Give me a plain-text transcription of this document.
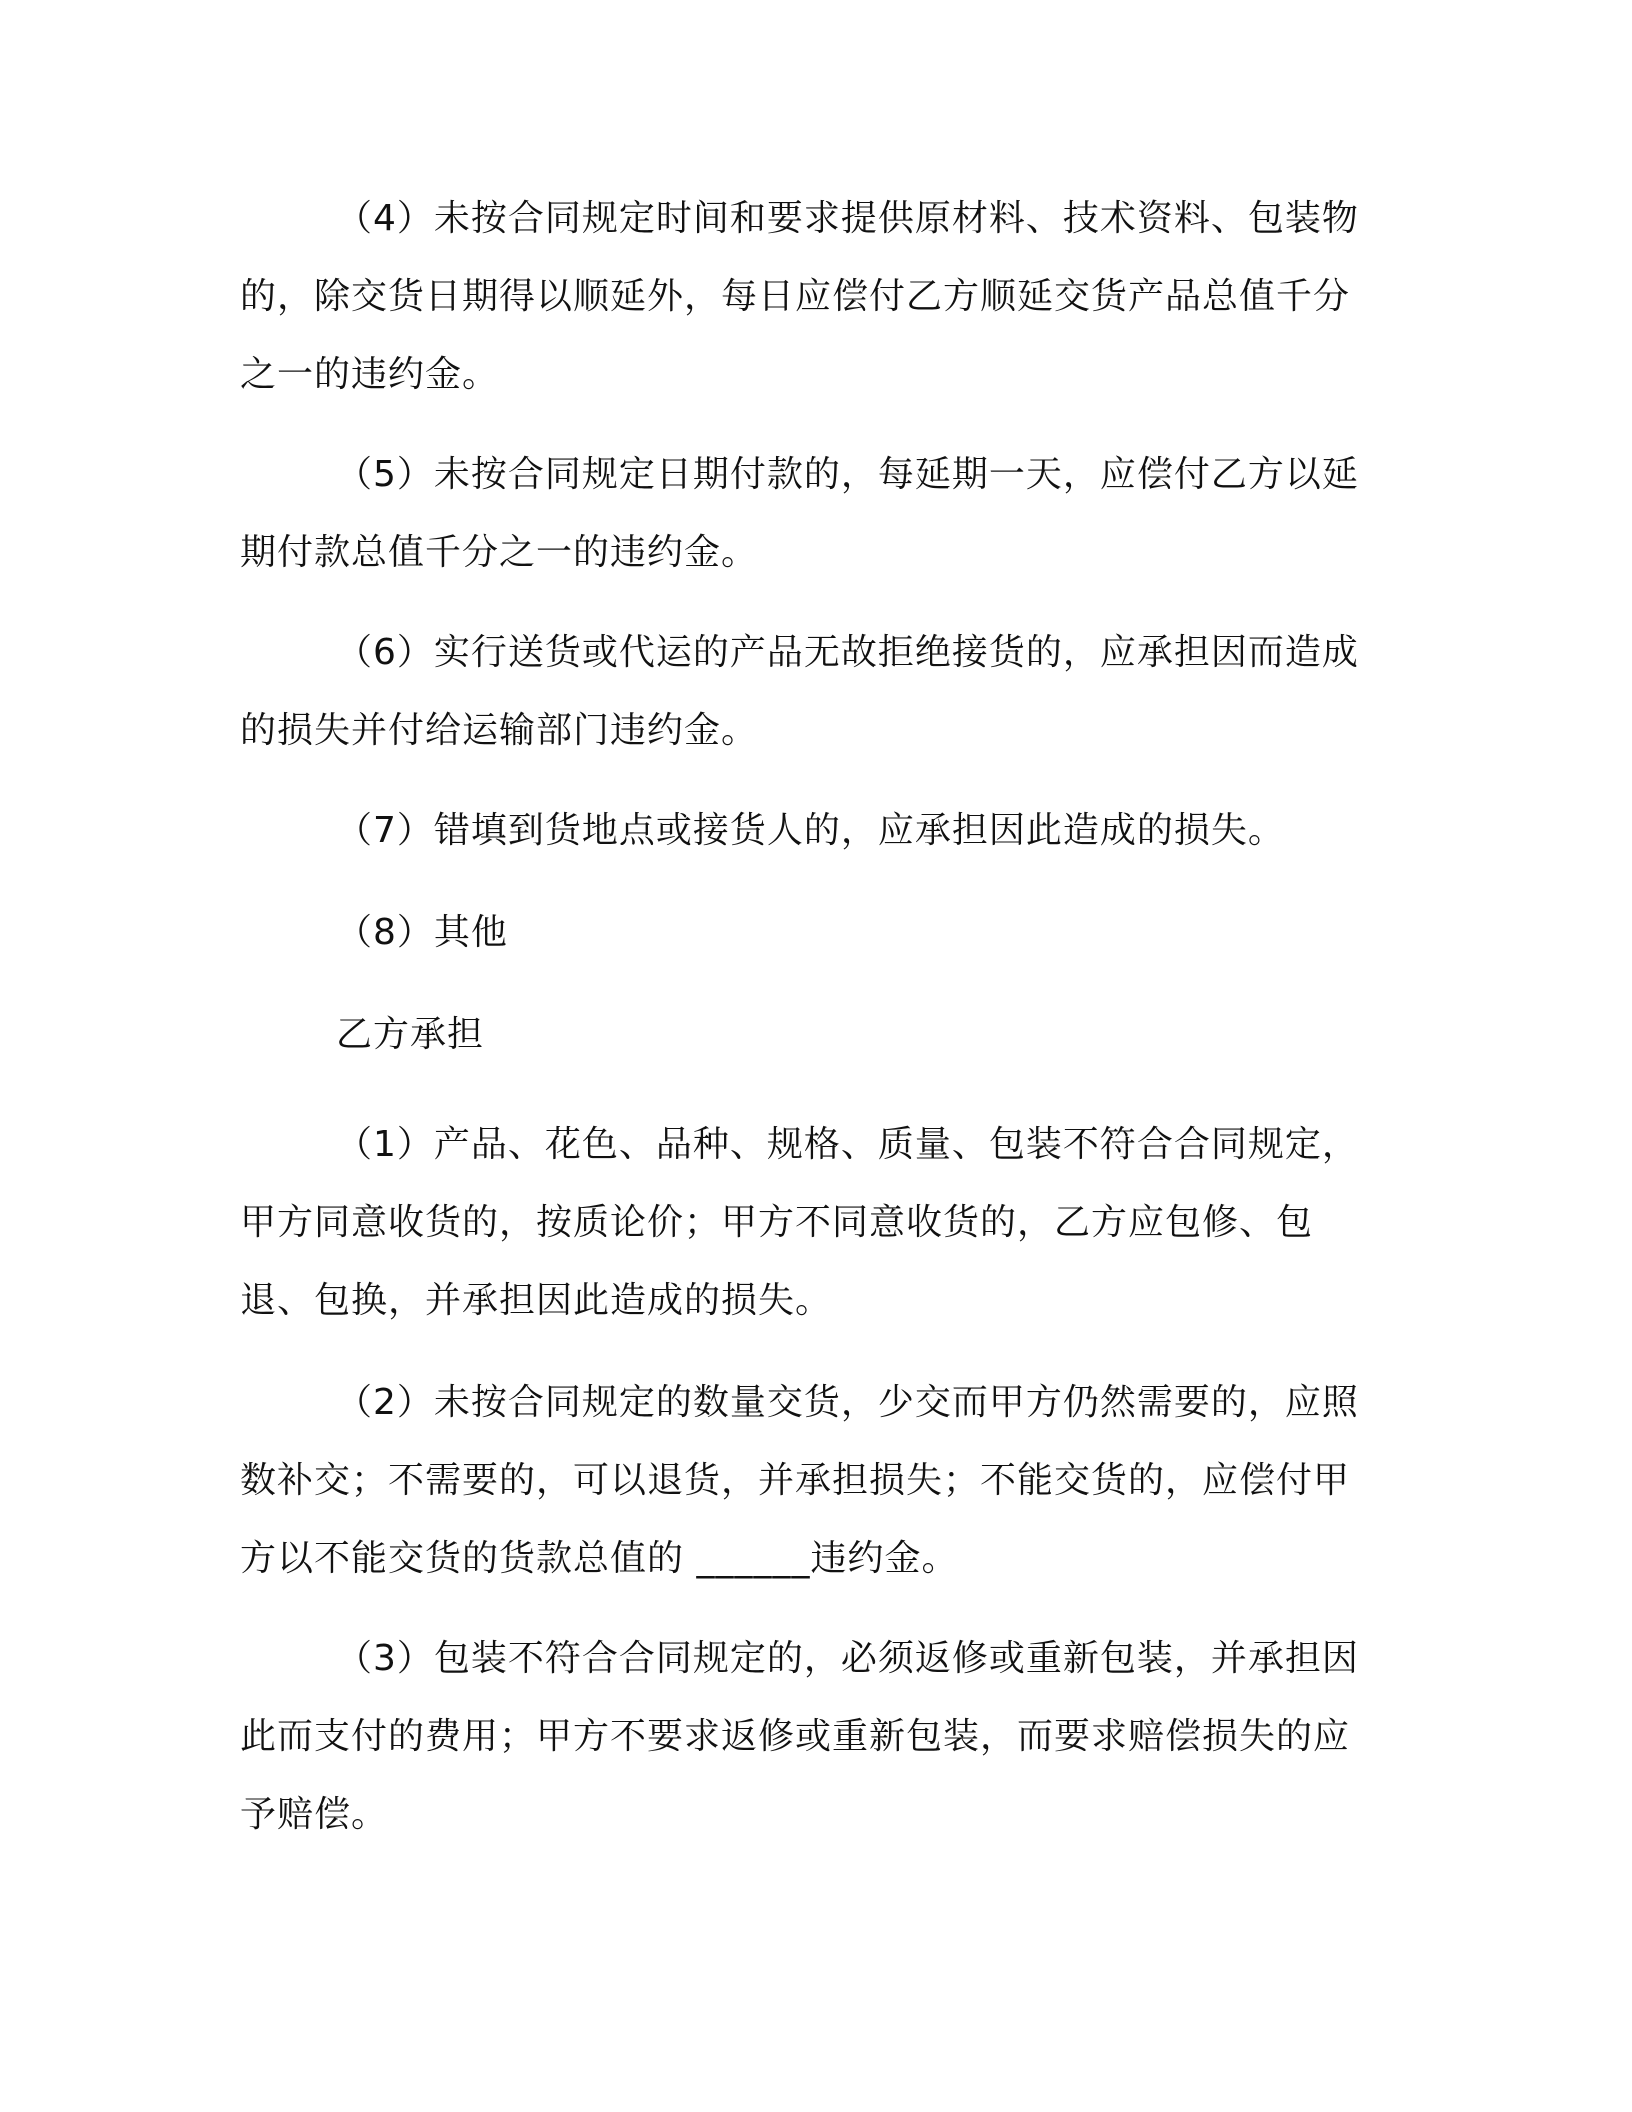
（4）未按合同规定时间和要求提供原材料、技术资料、包装物的，除交货日期得以顺延外，每日应偿付乙方顺延交货产品总值千分之一的违约金。

（5）未按合同规定日期付款的，每延期一天，应偿付乙方以延期付款总值千分之一的违约金。

（6）实行送货或代运的产品无故拒绝接货的，应承担因而造成的损失并付给运输部门违约金。

（7）错填到货地点或接货人的，应承担因此造成的损失。

（8）其他

乙方承担

（1）产品、花色、品种、规格、质量、包装不符合合同规定，甲方同意收货的，按质论价；甲方不同意收货的，乙方应包修、包退、包换，并承担因此造成的损失。

（2）未按合同规定的数量交货，少交而甲方仍然需要的，应照数补交；不需要的，可以退货，并承担损失；不能交货的，应偿付甲方以不能交货的货款总值的 ______违约金。

（3）包装不符合合同规定的，必须返修或重新包装，并承担因此而支付的费用；甲方不要求返修或重新包装，而要求赔偿损失的应予赔偿。
